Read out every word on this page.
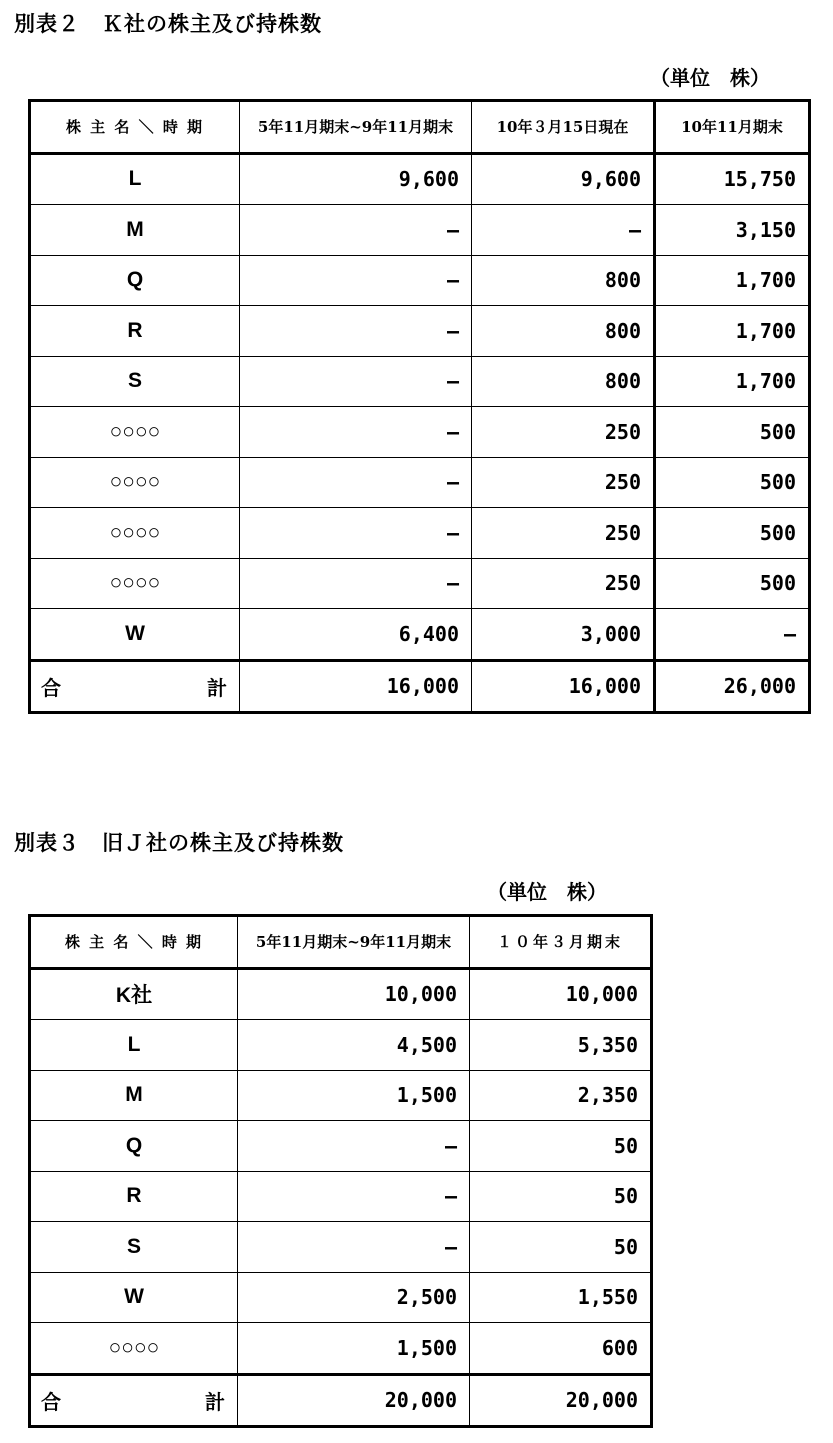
別表２　Ｋ社の株主及び持株数
（単位　株）
株 主 名 ＼ 時 期	5年11月期末~9年11月期末	10年３月15日現在	10年11月期末
L	9,600	9,600	15,750
M	–	–	3,150
Q	–	800	1,700
R	–	800	1,700
S	–	800	1,700
○○○○	–	250	500
○○○○	–	250	500
○○○○	–	250	500
○○○○	–	250	500
W	6,400	3,000	–

合 計	16,000	16,000	26,000
別表３　旧Ｊ社の株主及び持株数
（単位　株）
株 主 名 ＼ 時 期	5年11月期末~9年11月期末	１０年３月期末
K社	10,000	10,000
L	4,500	5,350
M	1,500	2,350
Q	–	50
R	–	50
S	–	50
W	2,500	1,550
○○○○	1,500	600

合 計	20,000	20,000
